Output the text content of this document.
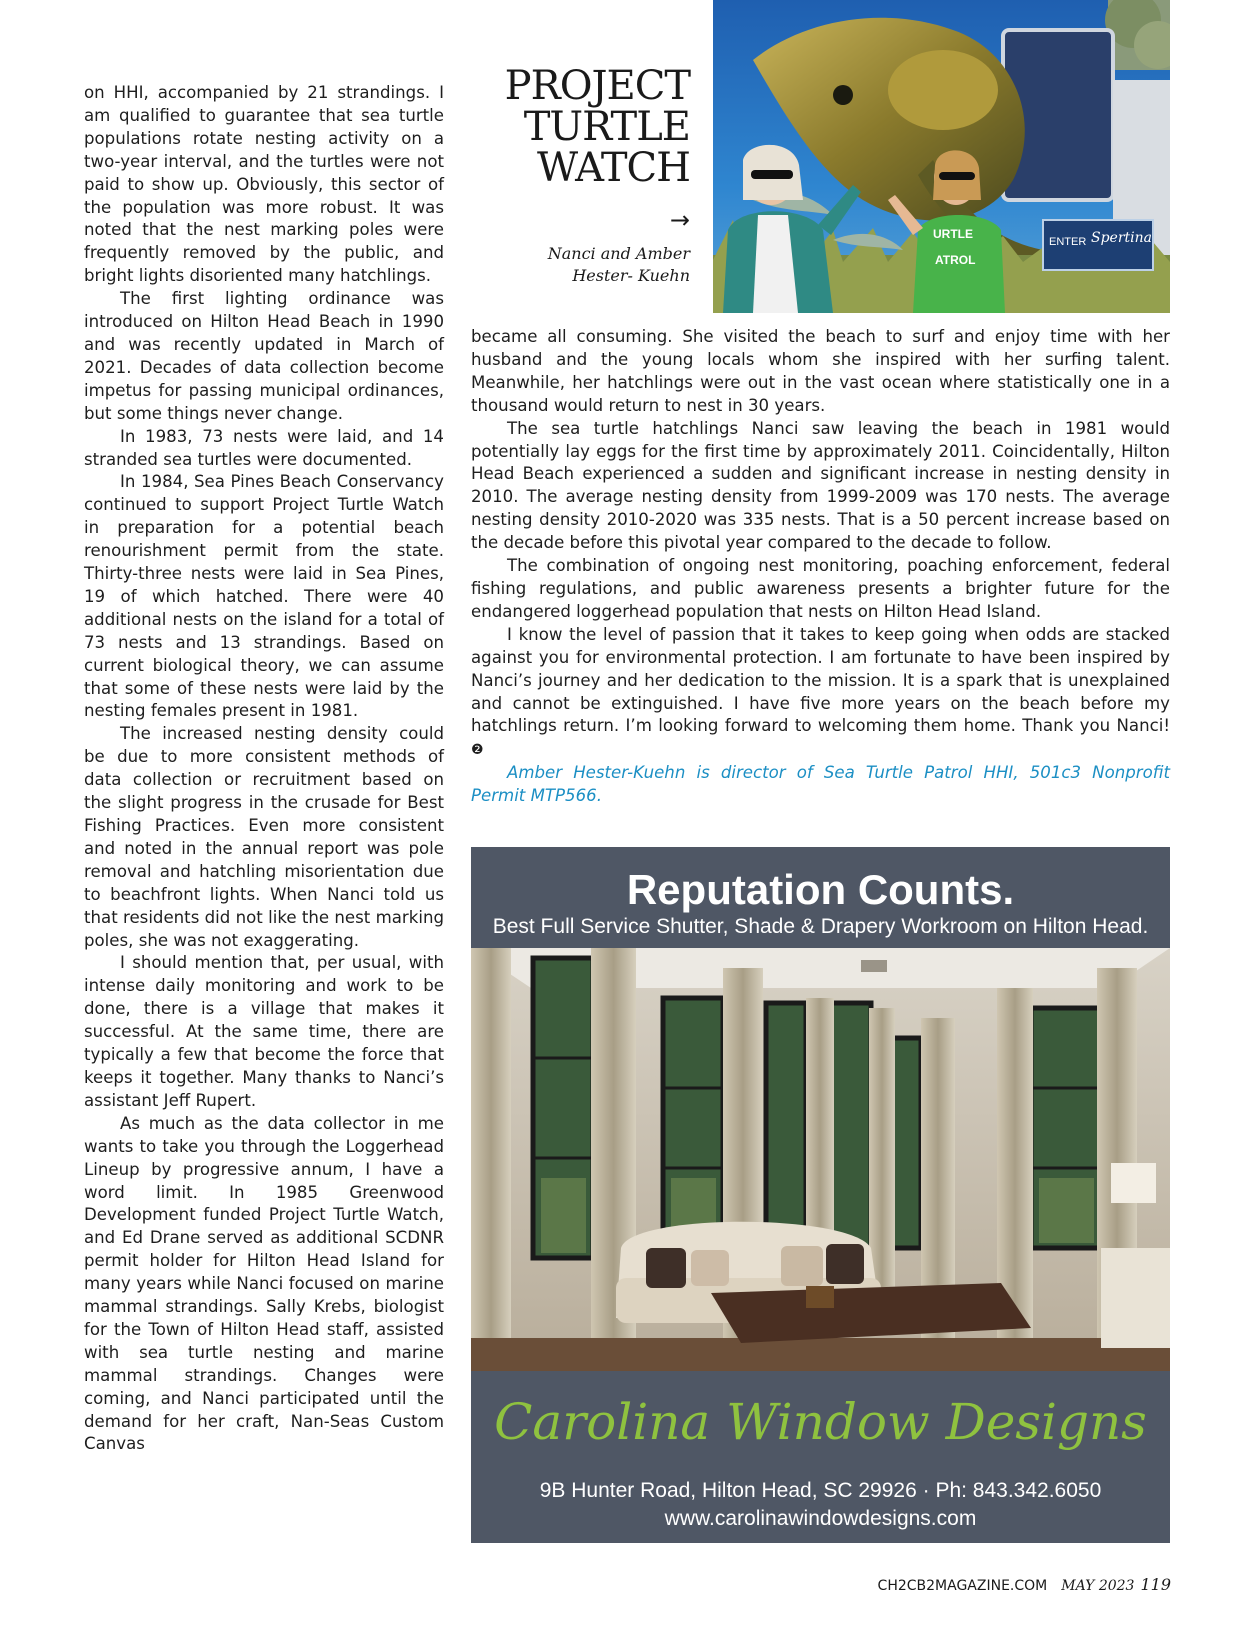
on HHI, accompanied by 21 strandings. I am qualified to guarantee that sea turtle populations rotate nesting activity on a two-year interval, and the turtles were not paid to show up. Obviously, this sector of the population was more robust. It was noted that the nest marking poles were frequently removed by the public, and bright lights disoriented many hatchlings.

The first lighting ordinance was introduced on Hilton Head Beach in 1990 and was recently updated in March of 2021. Decades of data collection become impetus for passing municipal ordinances, but some things never change.

In 1983, 73 nests were laid, and 14 stranded sea turtles were documented.

In 1984, Sea Pines Beach Conservancy continued to support Project Turtle Watch in preparation for a potential beach renourishment permit from the state. Thirty-three nests were laid in Sea Pines, 19 of which hatched. There were 40 additional nests on the island for a total of 73 nests and 13 strandings. Based on current biological theory, we can assume that some of these nests were laid by the nesting females present in 1981.

The increased nesting density could be due to more consistent methods of data collection or recruitment based on the slight progress in the crusade for Best Fishing Practices. Even more consistent and noted in the annual report was pole removal and hatchling misorientation due to beachfront lights. When Nanci told us that residents did not like the nest marking poles, she was not exaggerating.

I should mention that, per usual, with intense daily monitoring and work to be done, there is a village that makes it successful. At the same time, there are typically a few that become the force that keeps it together. Many thanks to Nanci’s assistant Jeff Rupert.

As much as the data collector in me wants to take you through the Loggerhead Lineup by progressive annum, I have a word limit. In 1985 Greenwood Development funded Project Turtle Watch, and Ed Drane served as additional SCDNR permit holder for Hilton Head Island for many years while Nanci focused on marine mammal strandings. Sally Krebs, biologist for the Town of Hilton Head staff, assisted with sea turtle nesting and marine mammal strandings. Changes were coming, and Nanci participated until the demand for her craft, Nan-Seas Custom Canvas

PROJECT
TURTLE
WATCH
→
Nanci and Amber
Hester- Kuehn
ENTER Spertina
URTLE
ATROL

became all consuming. She visited the beach to surf and enjoy time with her husband and the young locals whom she inspired with her surfing talent. Meanwhile, her hatchlings were out in the vast ocean where statistically one in a thousand would return to nest in 30 years.

The sea turtle hatchlings Nanci saw leaving the beach in 1981 would potentially lay eggs for the first time by approximately 2011. Coincidentally, Hilton Head Beach experienced a sudden and significant increase in nesting density in 2010. The average nesting density from 1999-2009 was 170 nests. The average nesting density 2010-2020 was 335 nests. That is a 50 percent increase based on the decade before this pivotal year compared to the decade to follow.

The combination of ongoing nest monitoring, poaching enforcement, federal fishing regulations, and public awareness presents a brighter future for the endangered loggerhead population that nests on Hilton Head Island.

I know the level of passion that it takes to keep going when odds are stacked against you for environmental protection. I am fortunate to have been inspired by Nanci’s journey and her dedication to the mission. It is a spark that is unexplained and cannot be extinguished. I have five more years on the beach before my hatchlings return. I’m looking forward to welcoming them home. Thank you Nanci! ❷

Amber Hester-Kuehn is director of Sea Turtle Patrol HHI, 501c3 Nonprofit Permit MTP566.

Reputation Counts.
Best Full Service Shutter, Shade & Drapery Workroom on Hilton Head.
Carolina Window Designs
9B Hunter Road, Hilton Head, SC 29926 · Ph: 843.342.6050
www.carolinawindowdesigns.com
CH2CB2MAGAZINE.COM MAY 2023 119
